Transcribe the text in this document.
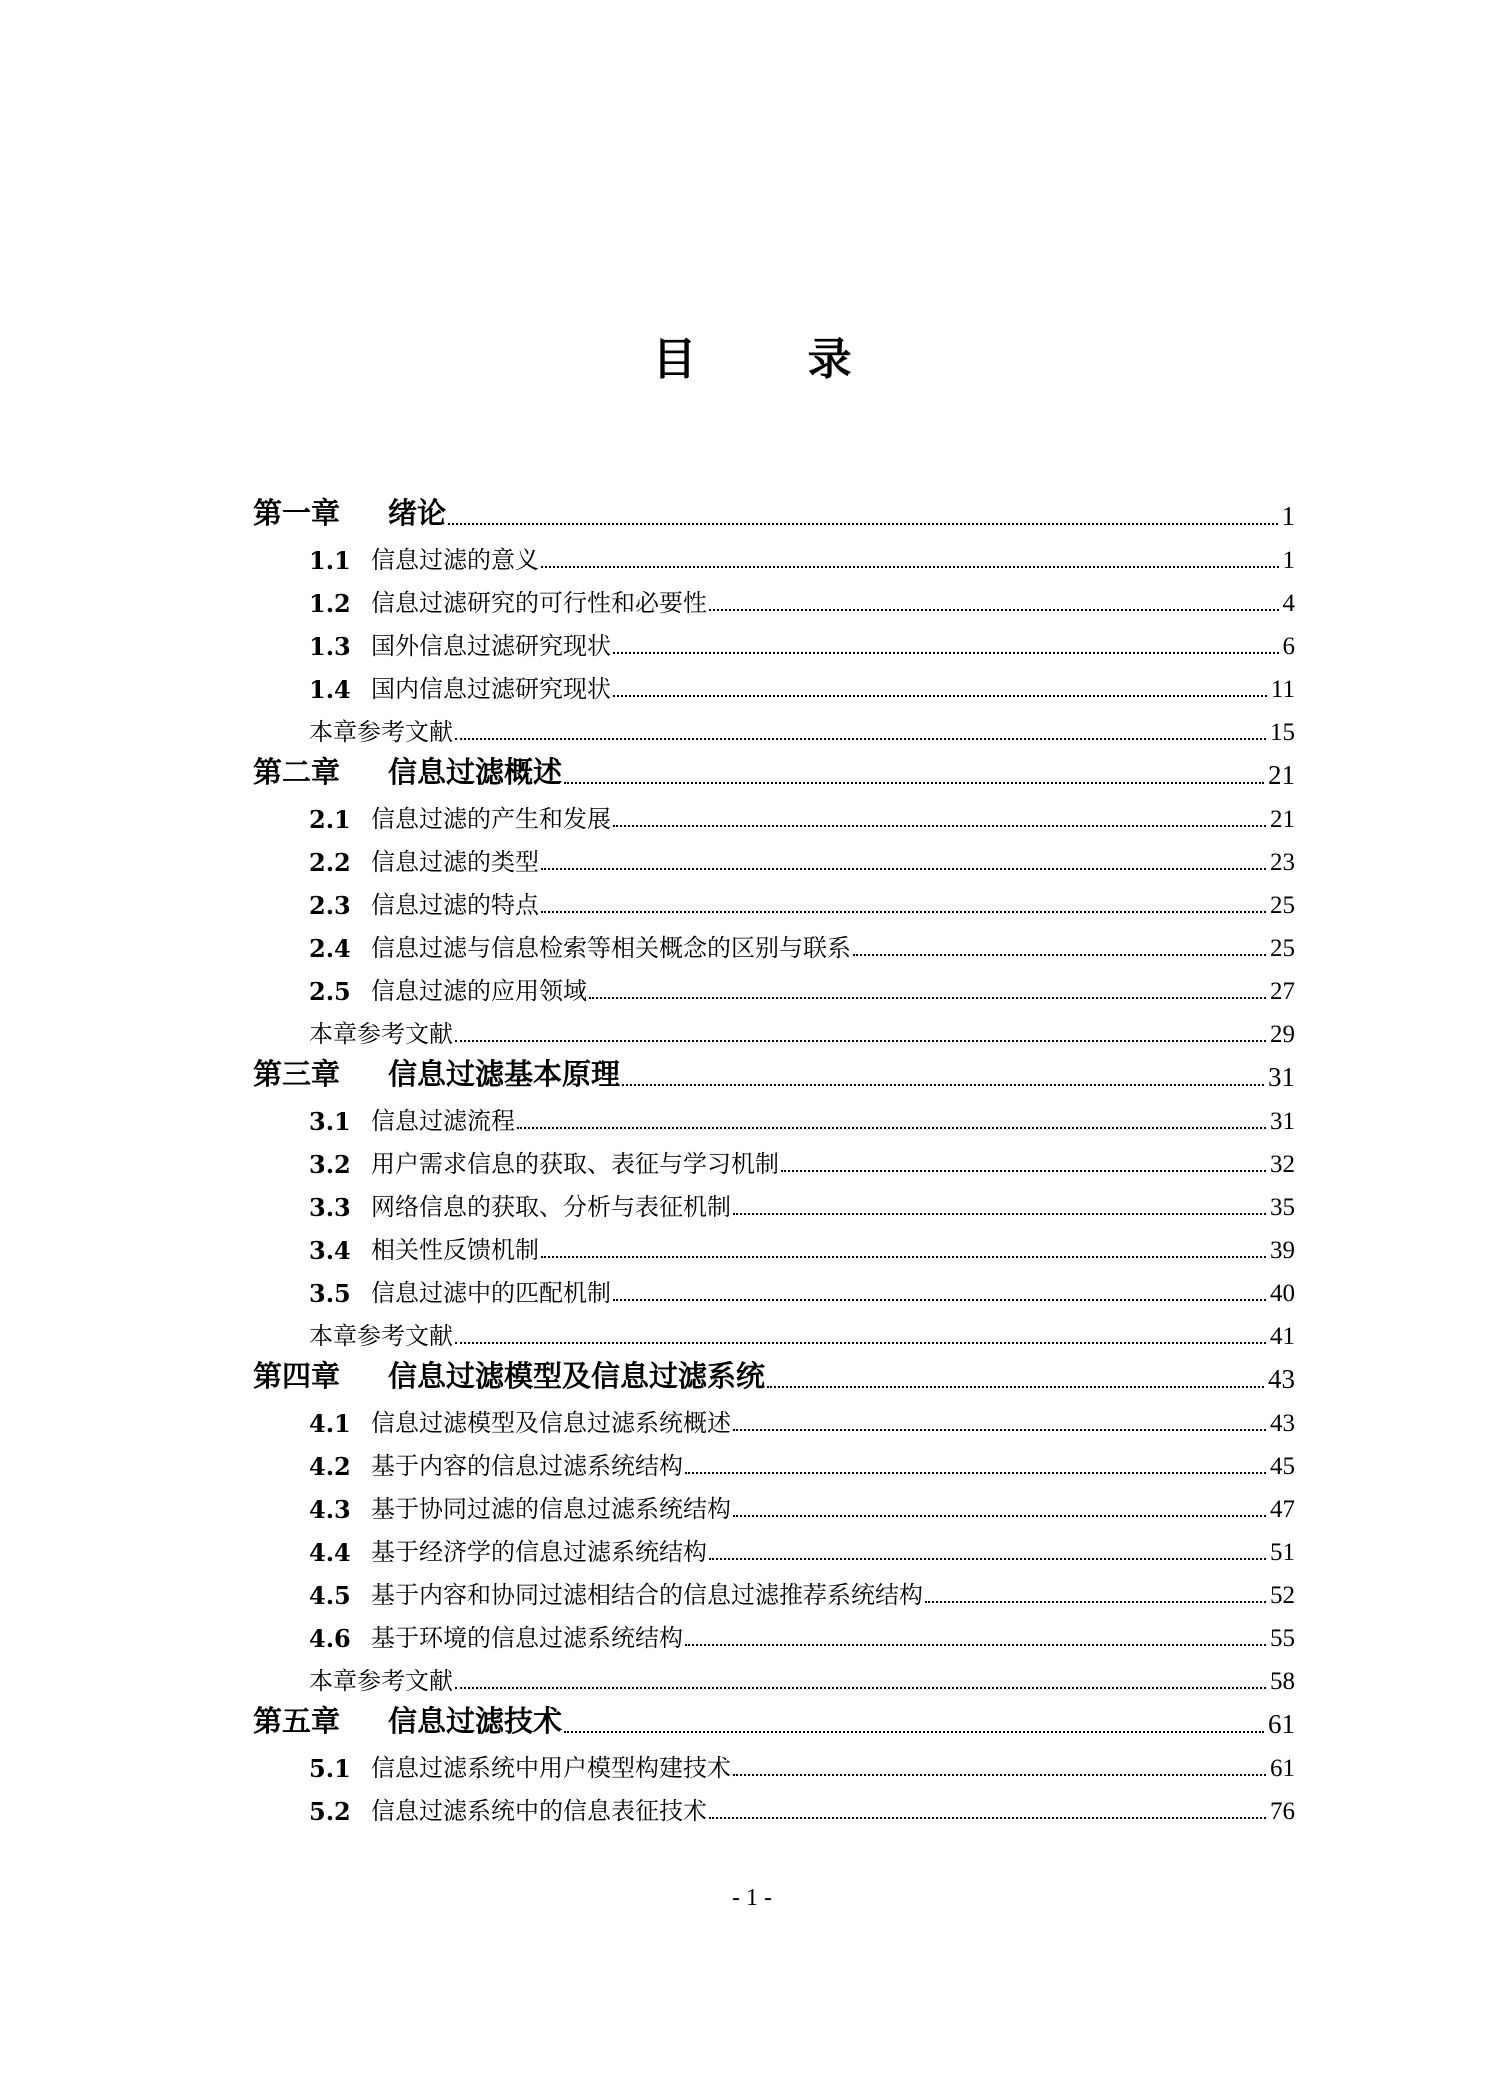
目 录
第一章	绪论	1
1.1 信息过滤的意义	1
1.2 信息过滤研究的可行性和必要性	4
1.3 国外信息过滤研究现状	6
1.4 国内信息过滤研究现状	11
本章参考文献	15
第二章	信息过滤概述	21
2.1 信息过滤的产生和发展	21
2.2 信息过滤的类型	23
2.3 信息过滤的特点	25
2.4 信息过滤与信息检索等相关概念的区别与联系	25
2.5 信息过滤的应用领域	27
本章参考文献	29
第三章	信息过滤基本原理	31
3.1 信息过滤流程	31
3.2 用户需求信息的获取、表征与学习机制	32
3.3 网络信息的获取、分析与表征机制	35
3.4 相关性反馈机制	39
3.5 信息过滤中的匹配机制	40
本章参考文献	41
第四章	信息过滤模型及信息过滤系统	43
4.1 信息过滤模型及信息过滤系统概述	43
4.2 基于内容的信息过滤系统结构	45
4.3 基于协同过滤的信息过滤系统结构	47
4.4 基于经济学的信息过滤系统结构	51
4.5 基于内容和协同过滤相结合的信息过滤推荐系统结构	52
4.6 基于环境的信息过滤系统结构	55
本章参考文献	58
第五章	信息过滤技术	61
5.1 信息过滤系统中用户模型构建技术	61
5.2 信息过滤系统中的信息表征技术	76
- 1 -
